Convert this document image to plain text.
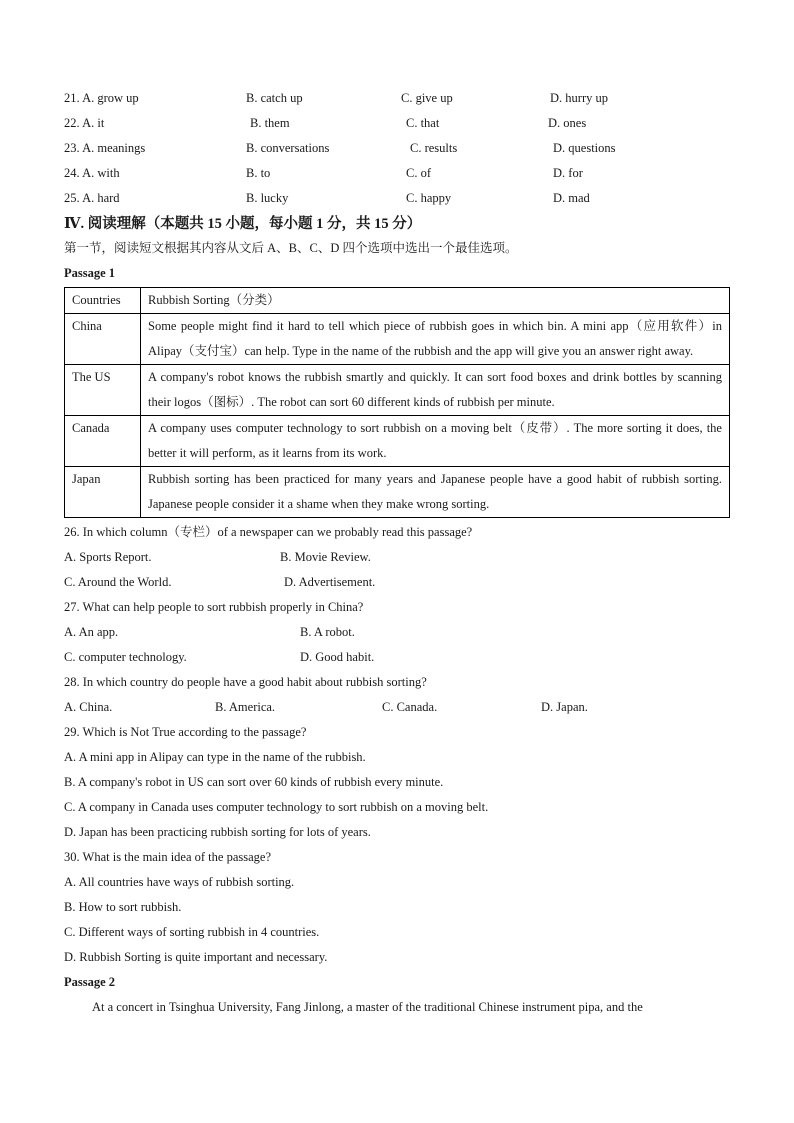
21. A. grow up	B. catch up	C. give up	D. hurry up
22. A. it	B. them	C. that	D. ones
23. A. meanings	B. conversations	C. results	D. questions
24. A. with	B. to	C. of	D. for
25. A. hard	B. lucky	C. happy	D. mad
Ⅳ. 阅读理解（本题共 15 小题，每小题 1 分，共 15 分）
第一节，阅读短文根据其内容从文后 A、B、C、D 四个选项中选出一个最佳选项。
Passage 1
Countries	Rubbish Sorting（分类）
China	Some people might find it hard to tell which piece of rubbish goes in which bin. A mini app（应用软件）in Alipay（支付宝）can help. Type in the name of the rubbish and the app will give you an answer right away.
The US	A company's robot knows the rubbish smartly and quickly. It can sort food boxes and drink bottles by scanning their logos（图标）. The robot can sort 60 different kinds of rubbish per minute.
Canada	A company uses computer technology to sort rubbish on a moving belt（皮带）. The more sorting it does, the better it will perform, as it learns from its work.
Japan	Rubbish sorting has been practiced for many years and Japanese people have a good habit of rubbish sorting. Japanese people consider it a shame when they make wrong sorting.
26. In which column（专栏）of a newspaper can we probably read this passage?
A. Sports Report.	B. Movie Review.
C. Around the World.	D. Advertisement.
27. What can help people to sort rubbish properly in China?
A. An app.	B. A robot.
C. computer technology.	D. Good habit.
28. In which country do people have a good habit about rubbish sorting?
A. China.	B. America.	C. Canada.	D. Japan.
29. Which is Not True according to the passage?
A. A mini app in Alipay can type in the name of the rubbish.
B. A company's robot in US can sort over 60 kinds of rubbish every minute.
C. A company in Canada uses computer technology to sort rubbish on a moving belt.
D. Japan has been practicing rubbish sorting for lots of years.
30. What is the main idea of the passage?
A. All countries have ways of rubbish sorting.
B. How to sort rubbish.
C. Different ways of sorting rubbish in 4 countries.
D. Rubbish Sorting is quite important and necessary.
Passage 2
At a concert in Tsinghua University, Fang Jinlong, a master of the traditional Chinese instrument pipa, and the
